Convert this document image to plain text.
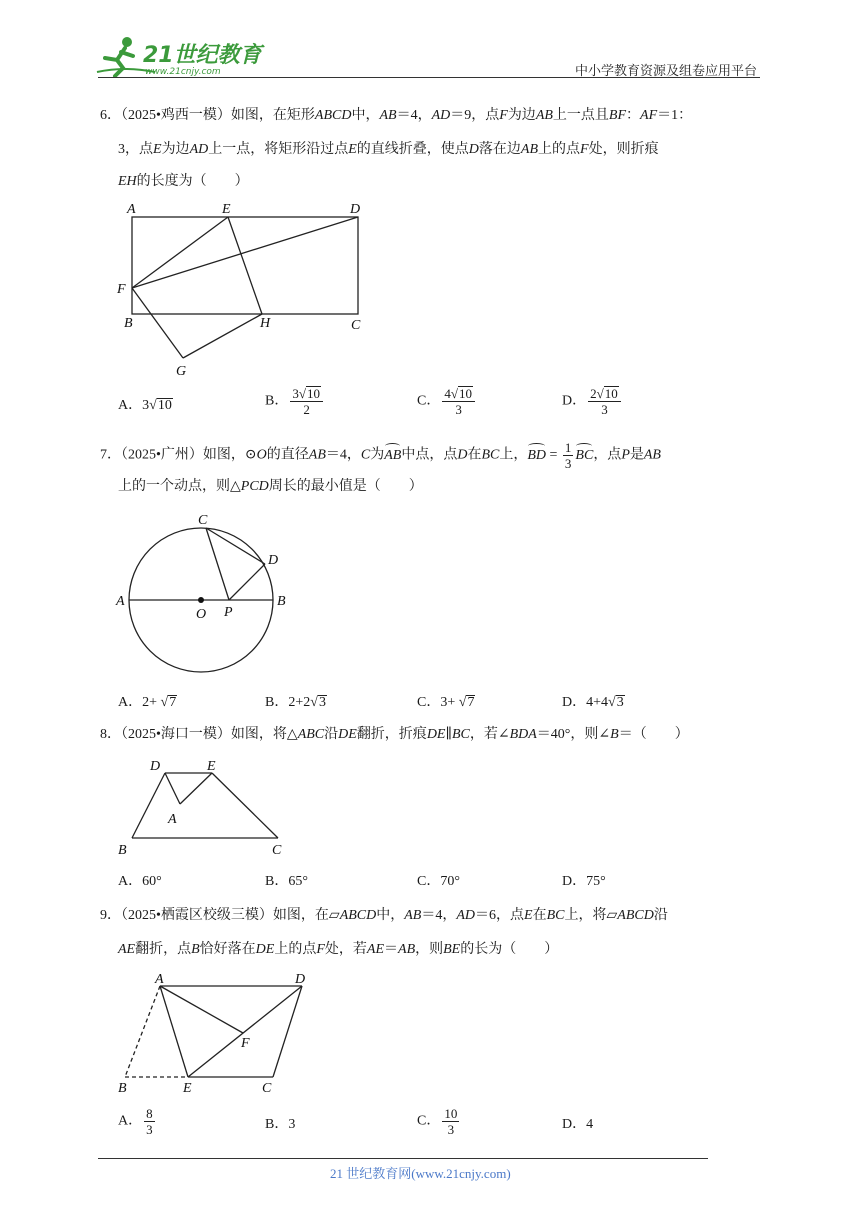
21世纪教育
www.21cnjy.com	中小学教育资源及组卷应用平台
6．（2025•鸡西一模）如图，在矩形ABCD中，AB＝4，AD＝9，点F为边AB上一点且BF：AF＝1：
3，点E为边AD上一点，将矩形沿过点E的直线折叠，使点D落在边AB上的点F处，则折痕
EH的长度为（　　）
A	E	D
F
B	H	C
G
A．3√10	B． $\frac{3√10}{2}$	C． $\frac{4√10}{3}$	D． $\frac{2√10}{3}$
7．（2025•广州）如图，⊙O的直径AB＝4，C为AB中点，点D在BC上，BD = $\frac{1}{3}$ BC，点P是AB
上的一个动点，则△PCD周长的最小值是（　　）
C
D
A
O P
B
A．2+ √7	B．2+2√3	C．3+ √7	D．4+4√3
8．（2025•海口一模）如图，将△ABC沿DE翻折，折痕DE∥BC，若∠BDA＝40°，则∠B＝（　　）
D	E
A
B	C
A．60°	B．65°	C．70°	D．75°
9．（2025•栖霞区校级三模）如图，在▱ABCD中，AB＝4，AD＝6，点E在BC上，将▱ABCD沿
AE翻折，点B恰好落在DE上的点F处，若AE＝AB，则BE的长为（　　）
A	D
F
B	E	C
A． $\frac{8}{3}$	B．3	C． $\frac{10}{3}$	D．4
21 世纪教育网(www.21cnjy.com)
